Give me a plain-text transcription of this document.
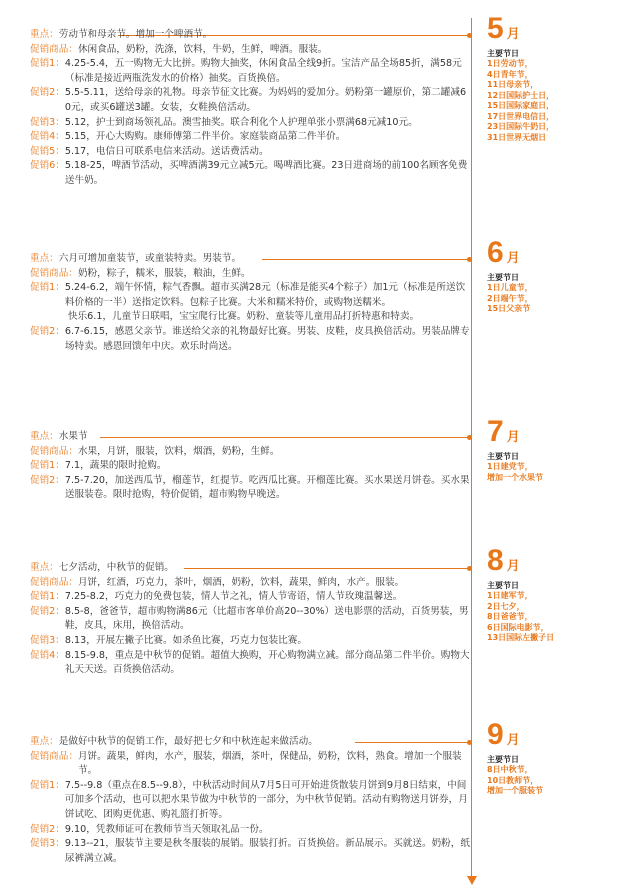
重点： 劳动节和母亲节。增加一个啤酒节。
促销商品： 休闲食品，奶粉，洗涤，饮料，牛奶，生鲜，啤酒。服装。
促销1： 4.25-5.4，五一购物无大比拼。购物大抽奖，休闲食品全线9折。宝洁产品全场85折，满58元（标准是接近两瓶洗发水的价格）抽奖。百货换倍。
促销2： 5.5-5.11，送给母亲的礼物。母亲节征文比赛。为妈妈的爱加分。奶粉第一罐原价，第二罐减60元，或买6罐送3罐。女装，女鞋换倍活动。
促销3： 5.12，护士到商场领礼品。澳雪抽奖。联合利化个人护理单张小票满68元减10元。
促销4： 5.15，开心大购购。康师傅第二件半价。家庭装商品第二件半价。
促销5： 5.17，电信日可联系电信来活动。送话费活动。
促销6： 5.18-25，啤酒节活动，买啤酒满39元立减5元。喝啤酒比赛。23日进商场的前100名顾客免费送牛奶。
重点： 六月可增加童装节，或童装特卖。男装节。
促销商品： 奶粉，粽子，糯米，服装，粮油，生鲜。
促销1： 5.24-6.2，端午怀情，粽气香飘。超市买满28元（标准是能买4个粽子）加1元（标准是所送饮料价格的一半）送指定饮料。包粽子比赛。大米和糯米特价，或购物送糯米。
快乐6.1，儿童节日联唱，宝宝爬行比赛。奶粉、童装等儿童用品打折特惠和特卖。
促销2： 6.7-6.15，感恩父亲节。谁送给父亲的礼物最好比赛。男装、皮鞋，皮具换倍活动。男装品牌专场特卖。感恩回馈年中庆。欢乐时尚送。
重点： 水果节
促销商品： 水果，月饼，服装，饮料，烟酒，奶粉，生鲜。
促销1： 7.1，蔬果的限时抢购。
促销2： 7.5-7.20，加送西瓜节，榴莲节，红提节。吃西瓜比赛。开榴莲比赛。买水果送月饼卷。买水果送服装卷。限时抢购，特价促销，超市购物早晚送。
重点： 七夕活动，中秋节的促销。
促销商品： 月饼，红酒，巧克力，茶叶，烟酒，奶粉，饮料，蔬果，鲜肉，水产。服装。
促销1： 7.25-8.2，巧克力的免费包装，情人节之礼，情人节寄语，情人节玫瑰温馨送。
促销2： 8.5-8，爸爸节，超市购物满86元（比超市客单价高20--30%）送电影票的活动，百货男装，男鞋，皮具，床用，换倍活动。
促销3： 8.13，开展左撇子比赛。如杀鱼比赛，巧克力包装比赛。
促销4： 8.15-9.8，重点是中秋节的促销。超值大换购，开心购物满立减。部分商品第二件半价。购物大礼天天送。百货换倍活动。
重点： 是做好中秋节的促销工作，最好把七夕和中秋连起来做活动。
促销商品： 月饼。蔬果，鲜肉，水产，服装，烟酒，茶叶，保健品，奶粉，饮料，熟食。增加一个服装节。
促销1： 7.5--9.8（重点在8.5--9.8），中秋活动时间从7月5日可开始进货散装月饼到9月8日结束，中间可加多个活动，也可以把水果节做为中秋节的一部分，为中秋节促销。活动有购物送月饼券，月饼试吃、团购更优惠、购礼篮打折等。
促销2： 9.10，凭教师证可在教师节当天领取礼品一份。
促销3： 9.13--21，服装节主要是秋冬服装的展销。服装打折。百货换倍。新品展示。买就送。奶粉，纸尿裤满立减。
5 月
主要节日
1日劳动节，
4日青年节，
11日母亲节，
12日国际护士日，
15日国际家庭日，
17日世界电信日，
23日国际牛奶日，
31日世界无烟日
6 月
主要节日
1日儿童节，
2日端午节，
15日父亲节
7 月
主要节日
1日建党节，
增加一个水果节
8 月
主要节日
1日建军节，
2日七夕，
8日爸爸节，
6日国际电影节，
13日国际左撇子日
9 月
主要节日
8日中秋节，
10日教师节，
增加一个服装节
